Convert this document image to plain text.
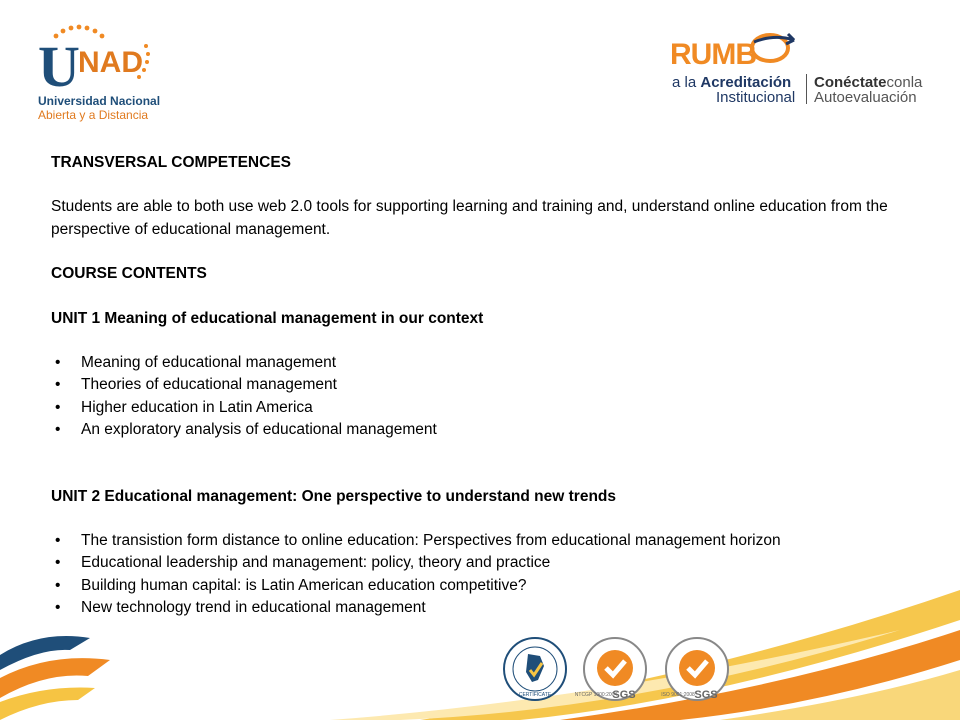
U
NAD
Universidad Nacional
Abierta y a Distancia
RUMB
a la Acreditación
Institucional
Conéctateconla
Autoevaluación

TRANSVERSAL COMPETENCES

Students are able to both use web 2.0 tools for supporting learning and training and, understand online education from the perspective of educational management.

COURSE CONTENTS

UNIT 1 Meaning of educational management in our context

• Meaning of educational management
• Theories of educational management
• Higher education in Latin America
• An exploratory analysis of educational management

UNIT 2 Educational management: One perspective to understand new trends

• The transistion form distance to online education: Perspectives from educational management horizon
• Educational leadership and management: policy, theory and practice
• Building human capital: is Latin American education competitive?
• New technology trend in educational management
CERTIFICATE	SGS
NTCGP 1000:2004	SGS
ISO 9001:2008
